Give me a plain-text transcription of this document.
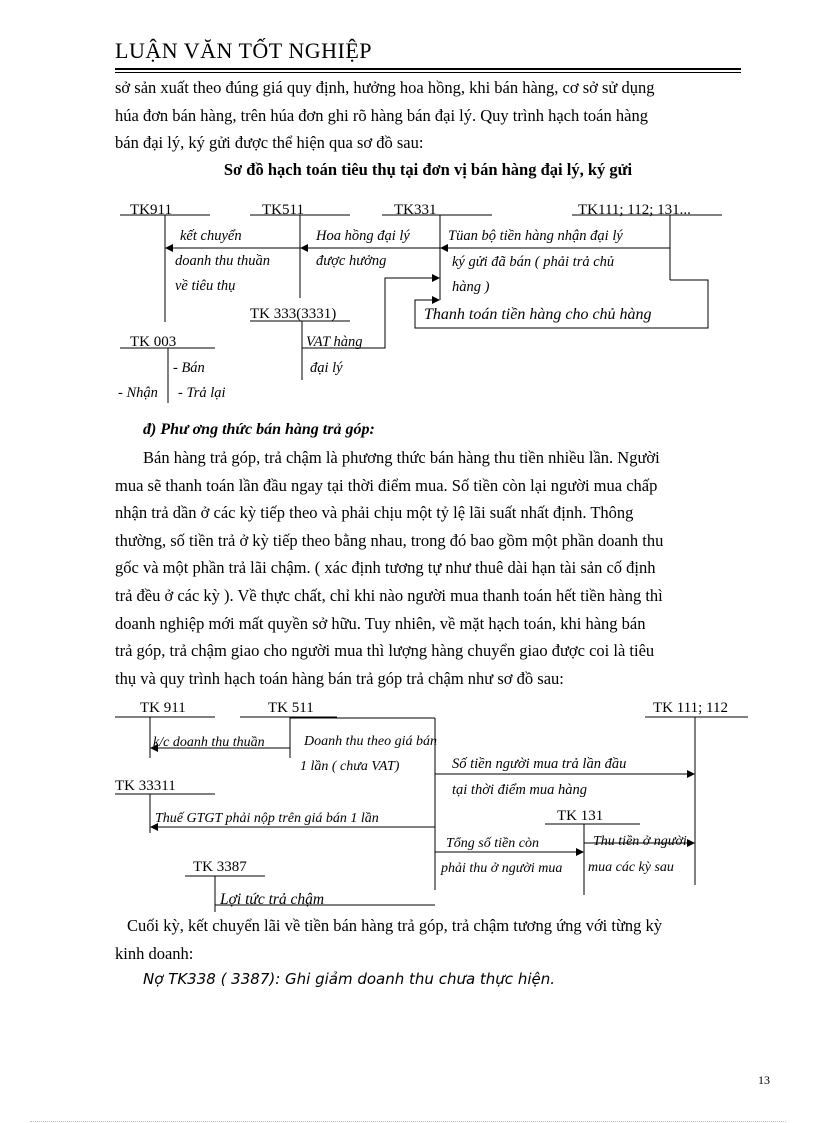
LUẬN VĂN TỐT NGHIỆP
sở sản xuất theo đúng giá quy định, hưởng hoa hồng, khi bán hàng, cơ sở sử dụng
húa đơn bán hàng, trên húa đơn ghi rõ hàng bán đại lý. Quy trình hạch toán hàng
bán đại lý, ký gửi được thể hiện qua sơ đồ sau:
Sơ đồ hạch toán tiêu thụ tại đơn vị bán hàng đại lý, ký gửi
TK911	TK511	TK331	TK111; 112; 131...
TK 333(3331)
TK 003
kết chuyển
doanh thu thuần
về tiêu thụ
Hoa hồng đại lý
được hưởng
Tüan bộ tiền hàng nhận đại lý
ký gửi đã bán ( phải trả chủ
hàng )
Thanh toán tiền hàng cho chủ hàng
VAT hàng
đại lý
- Bán
- Nhận - Trả lại
đ) Phư ơng thức bán hàng trả góp:
Bán hàng trả góp, trả chậm là phương thức bán hàng thu tiền nhiều lần. Người
mua sẽ thanh toán lần đầu ngay tại thời điểm mua. Số tiền còn lại người mua chấp
nhận trả dần ở các kỳ tiếp theo và phải chịu một tỷ lệ lãi suất nhất định. Thông
thường, số tiền trả ở kỳ tiếp theo bằng nhau, trong đó bao gồm một phần doanh thu
gốc và một phần trả lãi chậm. ( xác định tương tự như thuê dài hạn tài sản cố định
trả đều ở các kỳ ). Về thực chất, chỉ khi nào người mua thanh toán hết tiền hàng thì
doanh nghiệp mới mất quyền sở hữu. Tuy nhiên, về mặt hạch toán, khi hàng bán
trả góp, trả chậm giao cho người mua thì lượng hàng chuyển giao được coi là tiêu
thụ và quy trình hạch toán hàng bán trả góp trả chậm như sơ đồ sau:
TK 911	TK 511	TK 111; 112
TK 33311
TK 131
TK 3387
k/c doanh thu thuần	Doanh thu theo giá bán
1 lần ( chưa VAT)	Số tiền người mua trả lần đầu
tại thời điểm mua hàng
Thuế GTGT phải nộp trên giá bán 1 lần
Tổng số tiền còn
phải thu ở người mua
Thu tiền ở người
mua các kỳ sau
Lợi tức trả chậm
Cuối kỳ, kết chuyển lãi về tiền bán hàng trả góp, trả chậm tương ứng với từng kỳ
kinh doanh:
Nợ TK338 ( 3387): Ghi giảm doanh thu chưa thực hiện.
13
